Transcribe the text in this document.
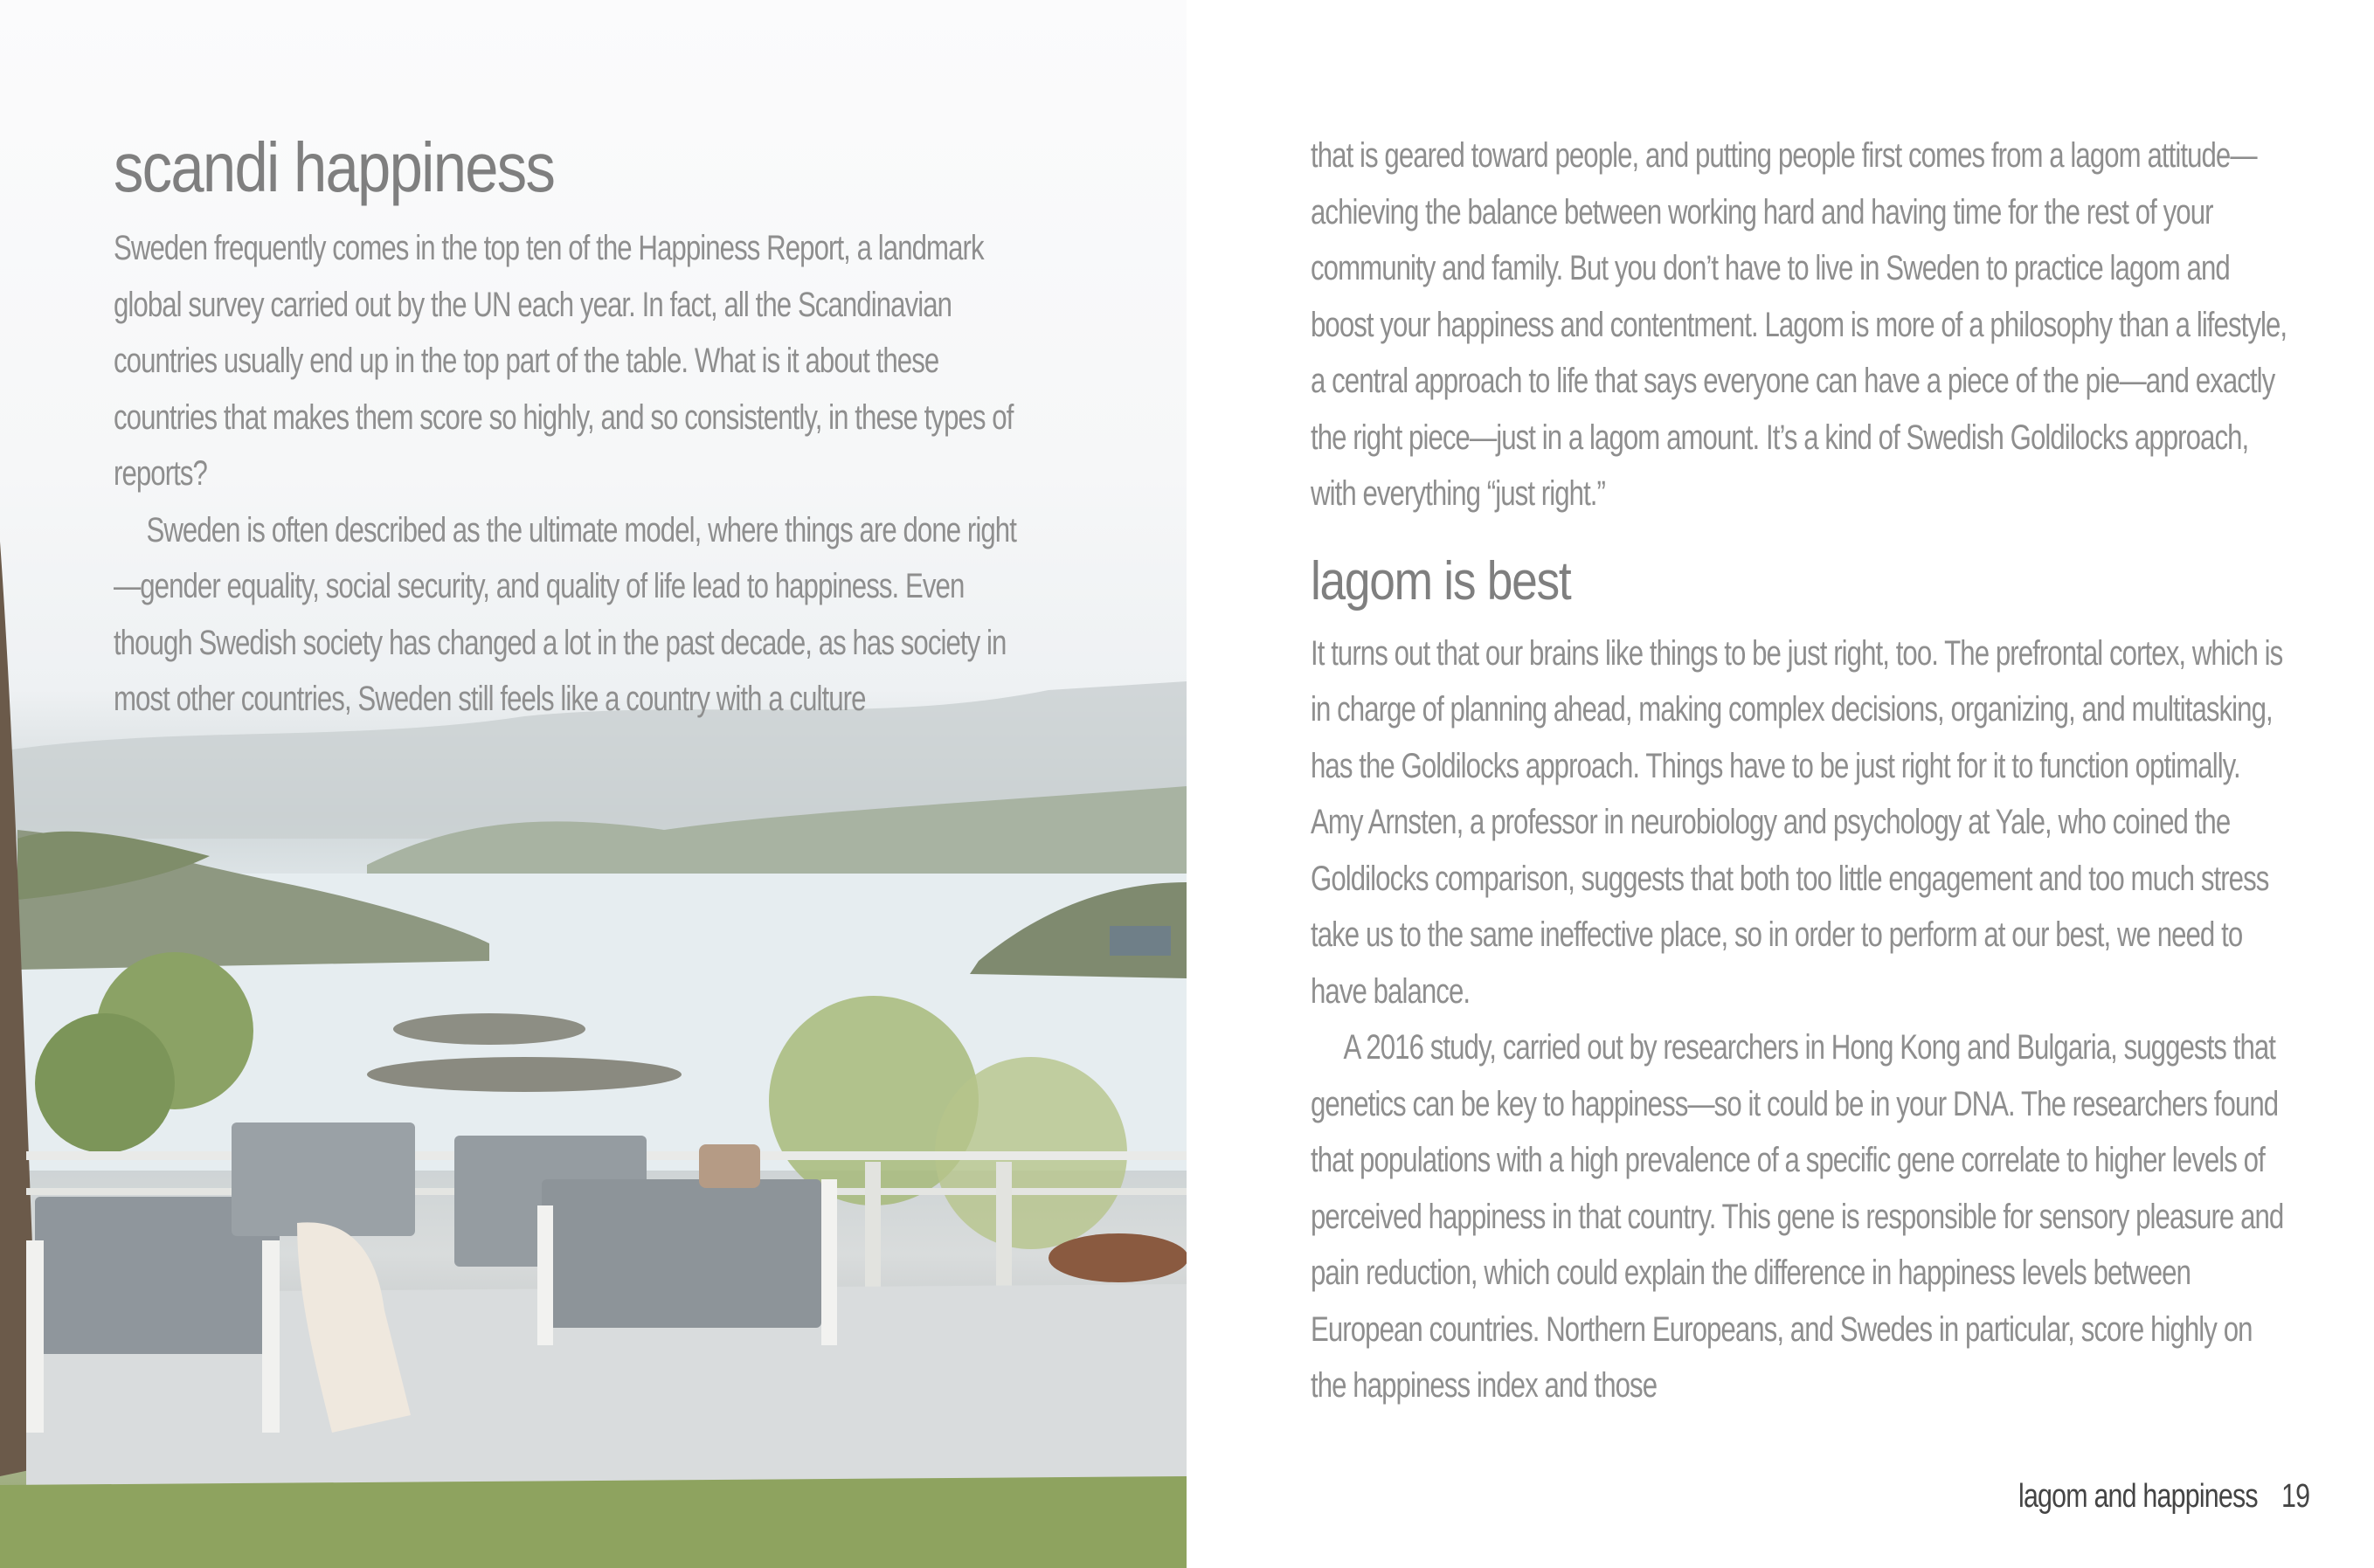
scandi happiness

Sweden frequently comes in the top ten of the Happiness Report, a landmark global survey carried out by the UN each year. In fact, all the Scandinavian countries usually end up in the top part of the table. What is it about these countries that makes them score so highly, and so consistently, in these types of reports?

Sweden is often described as the ultimate model, where things are done right—gender equality, social security, and quality of life lead to happiness. Even though Swedish society has changed a lot in the past decade, as has society in most other countries, Sweden still feels like a country with a culture

that is geared toward people, and putting people first comes from a lagom attitude—achieving the balance between working hard and having time for the rest of your community and family. But you don’t have to live in Sweden to practice lagom and boost your happiness and contentment. Lagom is more of a philosophy than a lifestyle, a central approach to life that says everyone can have a piece of the pie—and exactly the right piece—just in a lagom amount. It’s a kind of Swedish Goldilocks approach, with everything “just right.”

lagom is best

It turns out that our brains like things to be just right, too. The prefrontal cortex, which is in charge of planning ahead, making complex decisions, organizing, and multitasking, has the Goldilocks approach. Things have to be just right for it to function optimally. Amy Arnsten, a professor in neurobiology and psychology at Yale, who coined the Goldilocks comparison, suggests that both too little engagement and too much stress take us to the same ineffective place, so in order to perform at our best, we need to have balance.

A 2016 study, carried out by researchers in Hong Kong and Bulgaria, suggests that genetics can be key to happiness—so it could be in your DNA. The researchers found that populations with a high prevalence of a specific gene correlate to higher levels of perceived happiness in that country. This gene is responsible for sensory pleasure and pain reduction, which could explain the difference in happiness levels between European countries. Northern Europeans, and Swedes in particular, score highly on the happiness index and those

lagom and happiness 19
